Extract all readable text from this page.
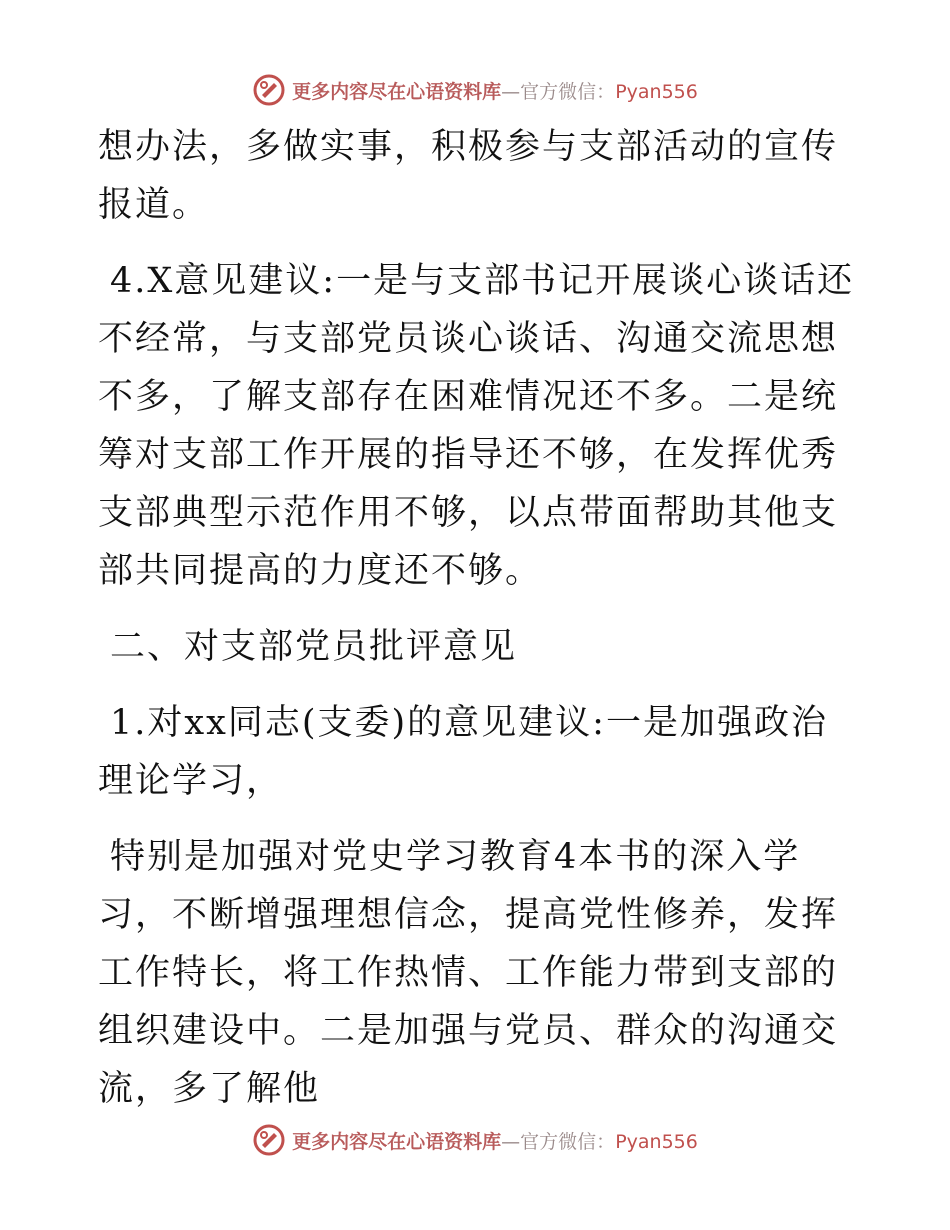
更多内容尽在心语资料库—官方微信：Pyan556

想办法，多做实事，积极参与支部活动的宣传报道。

4.X意见建议:一是与支部书记开展谈心谈话还不经常，与支部党员谈心谈话、沟通交流思想不多，了解支部存在困难情况还不多。二是统筹对支部工作开展的指导还不够，在发挥优秀支部典型示范作用不够，以点带面帮助其他支部共同提高的力度还不够。

二、对支部党员批评意见

1.对xx同志(支委)的意见建议:一是加强政治理论学习，

特别是加强对党史学习教育4本书的深入学习，不断增强理想信念，提高党性修养，发挥工作特长，将工作热情、工作能力带到支部的组织建设中。二是加强与党员、群众的沟通交流，多了解他

更多内容尽在心语资料库—官方微信：Pyan556
